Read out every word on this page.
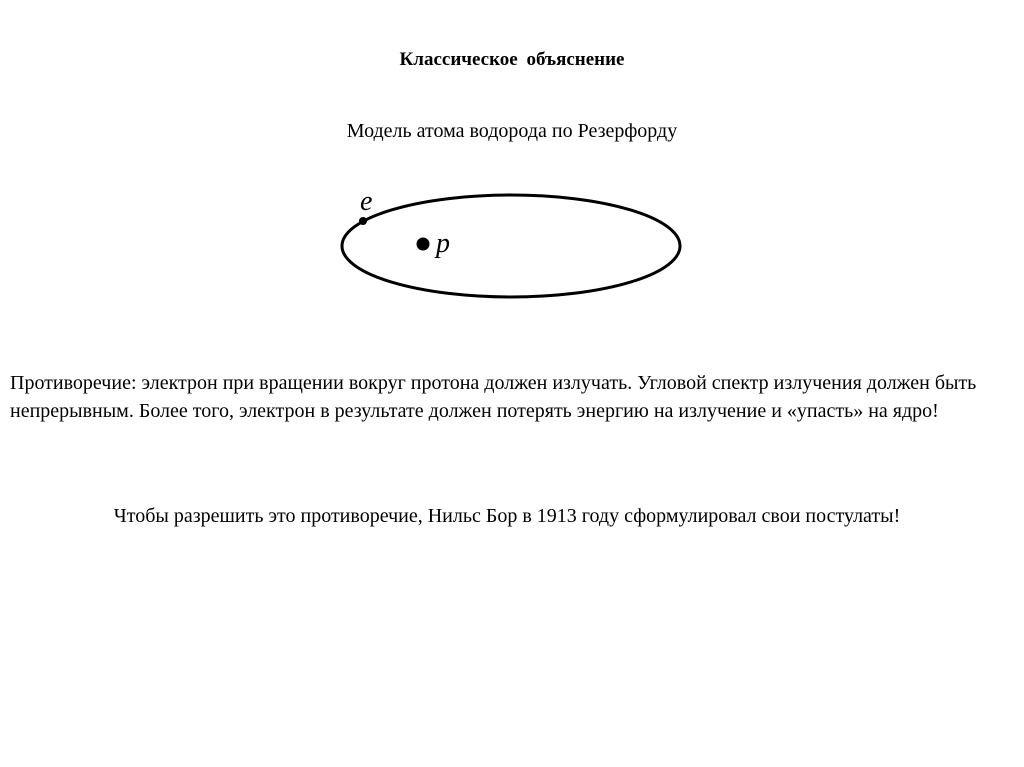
Классическое объяснение
Модель атома водорода по Резерфорду
e
p

Противоречие: электрон при вращении вокруг протона должен излучать. Угловой спектр излучения должен быть непрерывным. Более того, электрон в результате должен потерять энергию на излучение и «упасть» на ядро!

Чтобы разрешить это противоречие, Нильс Бор в 1913 году сформулировал свои постулаты!
